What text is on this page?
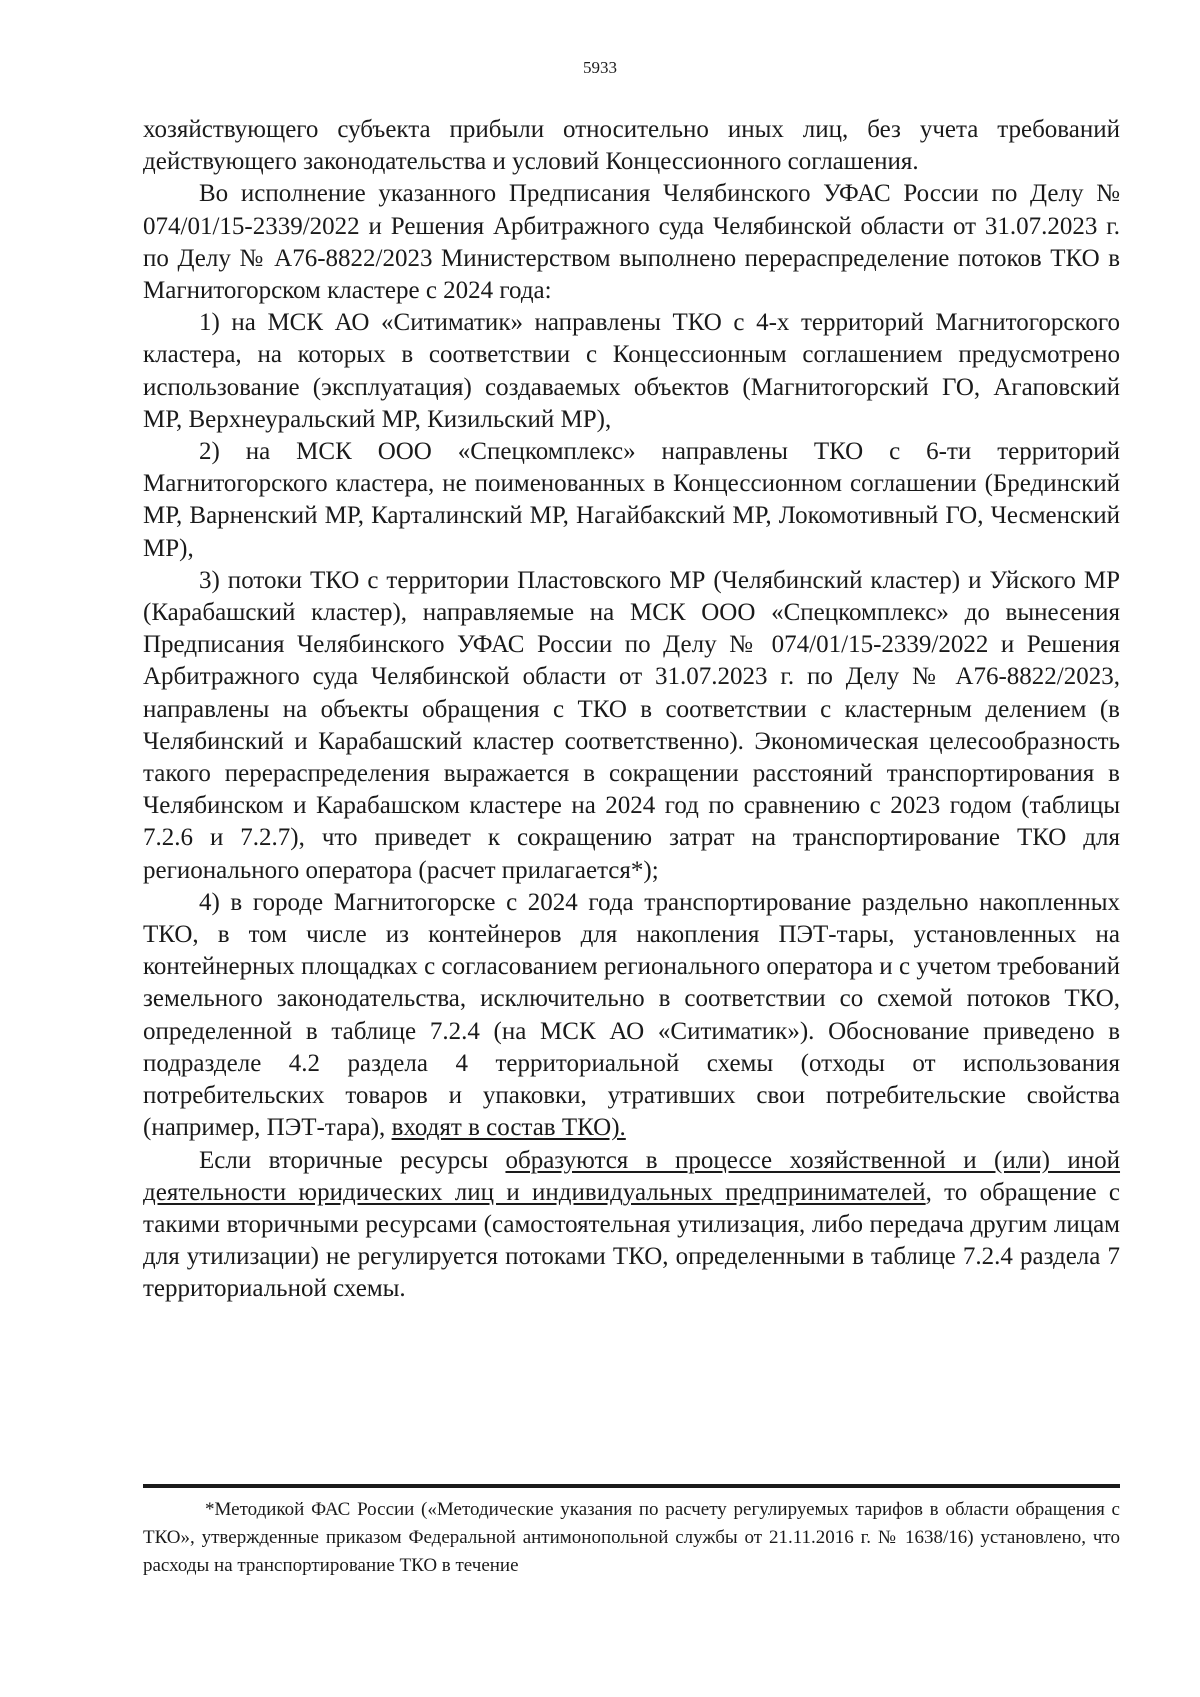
5933

хозяйствующего субъекта прибыли относительно иных лиц, без учета требований действующего законодательства и условий Концессионного соглашения.

Во исполнение указанного Предписания Челябинского УФАС России по Делу № 074/01/15-2339/2022 и Решения Арбитражного суда Челябинской области от 31.07.2023 г. по Делу № А76-8822/2023 Министерством выполнено перераспределение потоков ТКО в Магнитогорском кластере с 2024 года:

1) на МСК АО «Ситиматик» направлены ТКО с 4-х территорий Магнитогорского кластера, на которых в соответствии с Концессионным соглашением предусмотрено использование (эксплуатация) создаваемых объектов (Магнитогорский ГО, Агаповский МР, Верхнеуральский МР, Кизильский МР),

2) на МСК ООО «Спецкомплекс» направлены ТКО с 6-ти территорий Магнитогорского кластера, не поименованных в Концессионном соглашении (Брединский МР, Варненский МР, Карталинский МР, Нагайбакский МР, Локомотивный ГО, Чесменский МР),

3) потоки ТКО с территории Пластовского МР (Челябинский кластер) и Уйского МР (Карабашский кластер), направляемые на МСК ООО «Спецкомплекс» до вынесения Предписания Челябинского УФАС России по Делу № 074/01/15-2339/2022 и Решения Арбитражного суда Челябинской области от 31.07.2023 г. по Делу № А76-8822/2023, направлены на объекты обращения с ТКО в соответствии с кластерным делением (в Челябинский и Карабашский кластер соответственно). Экономическая целесообразность такого перераспределения выражается в сокращении расстояний транспортирования в Челябинском и Карабашском кластере на 2024 год по сравнению с 2023 годом (таблицы 7.2.6 и 7.2.7), что приведет к сокращению затрат на транспортирование ТКО для регионального оператора (расчет прилагается*);

4) в городе Магнитогорске с 2024 года транспортирование раздельно накопленных ТКО, в том числе из контейнеров для накопления ПЭТ-тары, установленных на контейнерных площадках с согласованием регионального оператора и с учетом требований земельного законодательства, исключительно в соответствии со схемой потоков ТКО, определенной в таблице 7.2.4 (на МСК АО «Ситиматик»). Обоснование приведено в подразделе 4.2 раздела 4 территориальной схемы (отходы от использования потребительских товаров и упаковки, утративших свои потребительские свойства (например, ПЭТ-тара), входят в состав ТКО).

Если вторичные ресурсы образуются в процессе хозяйственной и (или) иной деятельности юридических лиц и индивидуальных предпринимателей, то обращение с такими вторичными ресурсами (самостоятельная утилизация, либо передача другим лицам для утилизации) не регулируется потоками ТКО, определенными в таблице 7.2.4 раздела 7 территориальной схемы.

*Методикой ФАС России («Методические указания по расчету регулируемых тарифов в области обращения с ТКО», утвержденные приказом Федеральной антимонопольной службы от 21.11.2016 г. № 1638/16) установлено, что расходы на транспортирование ТКО в течение
